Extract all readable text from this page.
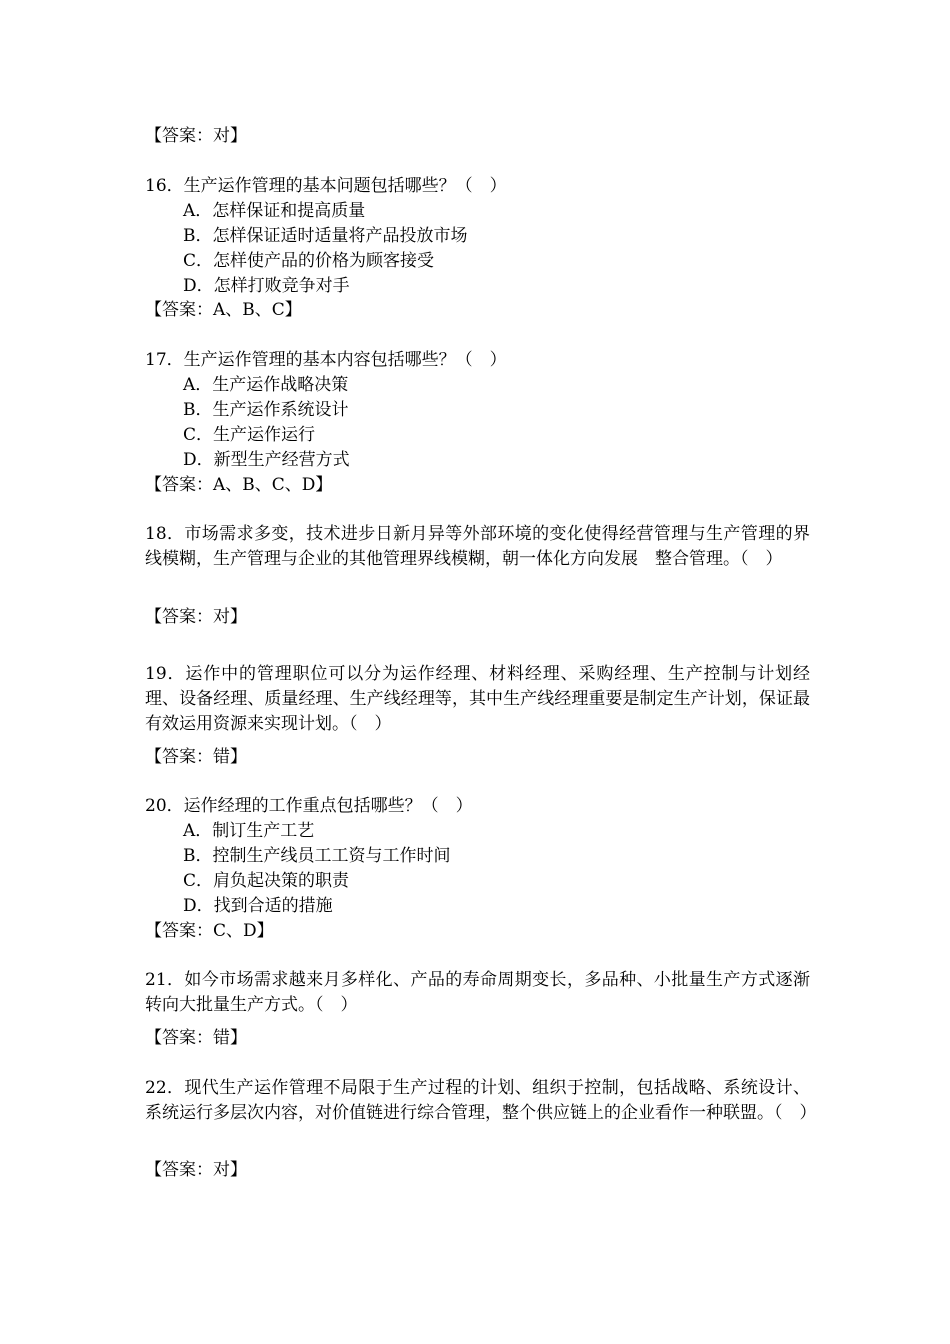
【答案：对】
16．生产运作管理的基本问题包括哪些？（　）
A．怎样保证和提高质量
B．怎样保证适时适量将产品投放市场
C．怎样使产品的价格为顾客接受
D．怎样打败竞争对手
【答案：A、B、C】
17．生产运作管理的基本内容包括哪些？（　）
A．生产运作战略决策
B．生产运作系统设计
C．生产运作运行
D．新型生产经营方式
【答案：A、B、C、D】
18．市场需求多变，技术进步日新月异等外部环境的变化使得经营管理与生产管理的界线模糊，生产管理与企业的其他管理界线模糊，朝一体化方向发展　整合管理。（　）
【答案：对】
19．运作中的管理职位可以分为运作经理、材料经理、采购经理、生产控制与计划经理、设备经理、质量经理、生产线经理等，其中生产线经理重要是制定生产计划，保证最有效运用资源来实现计划。（　）
【答案：错】
20．运作经理的工作重点包括哪些？（　）
A．制订生产工艺
B．控制生产线员工工资与工作时间
C．肩负起决策的职责
D．找到合适的措施
【答案：C、D】
21．如今市场需求越来月多样化、产品的寿命周期变长，多品种、小批量生产方式逐渐转向大批量生产方式。（　）
【答案：错】
22．现代生产运作管理不局限于生产过程的计划、组织于控制，包括战略、系统设计、系统运行多层次内容，对价值链进行综合管理，整个供应链上的企业看作一种联盟。（　）
【答案：对】
